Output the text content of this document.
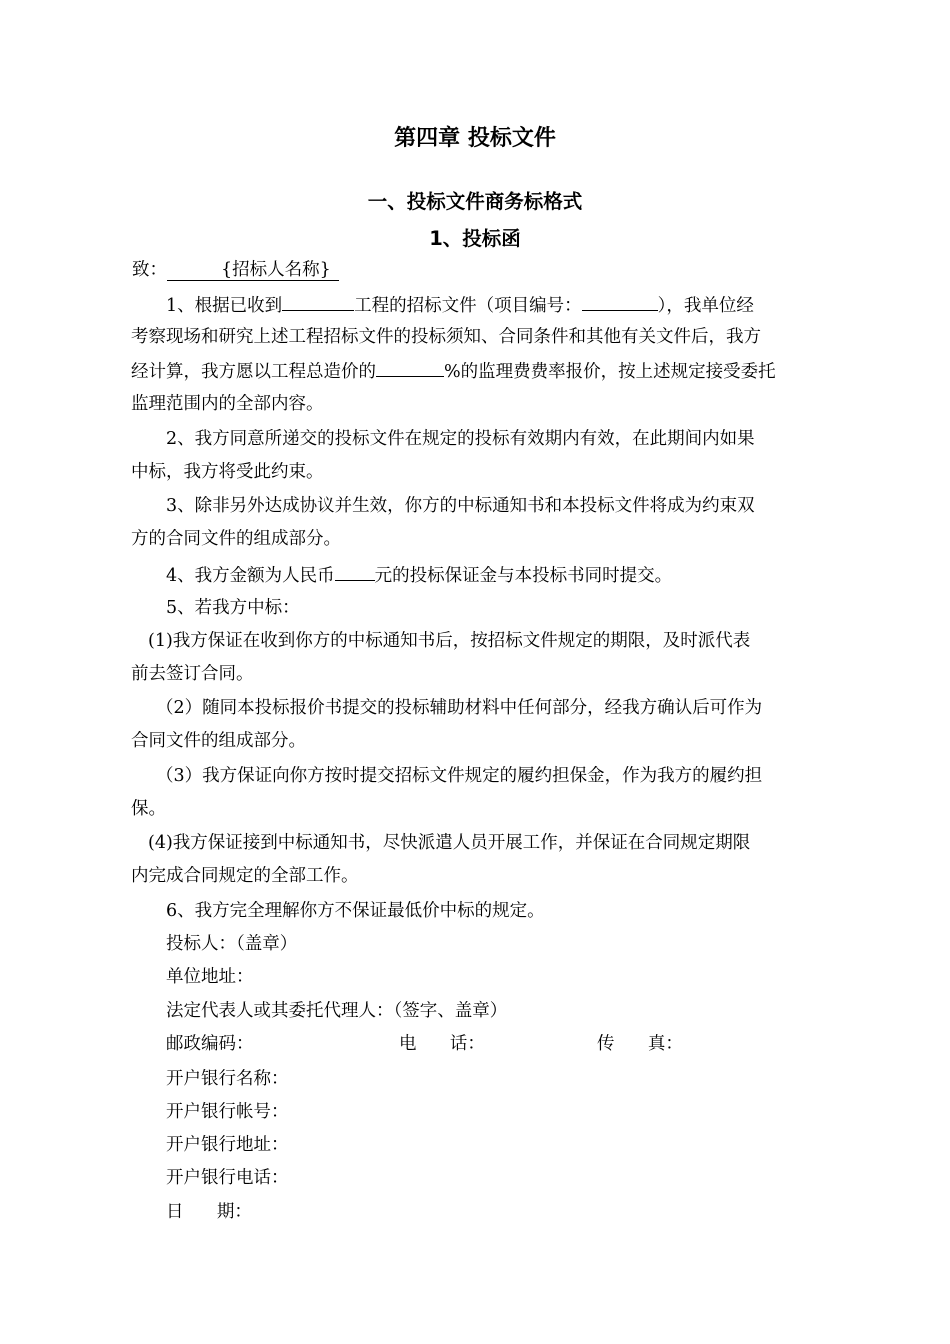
第四章 投标文件
一、投标文件商务标格式
1、投标函
致：	{招标人名称}
1、根据已收到	工程的招标文件（项目编号：	），我单位经
考察现场和研究上述工程招标文件的投标须知、合同条件和其他有关文件后，我方
经计算，我方愿以工程总造价的	%的监理费费率报价，按上述规定接受委托
监理范围内的全部内容。
2、我方同意所递交的投标文件在规定的投标有效期内有效，在此期间内如果
中标，我方将受此约束。
3、除非另外达成协议并生效，你方的中标通知书和本投标文件将成为约束双
方的合同文件的组成部分。
4、我方金额为人民币 元的投标保证金与本投标书同时提交。
5、若我方中标：
(1)我方保证在收到你方的中标通知书后，按招标文件规定的期限，及时派代表
前去签订合同。
（2）随同本投标报价书提交的投标辅助材料中任何部分，经我方确认后可作为
合同文件的组成部分。
（3）我方保证向你方按时提交招标文件规定的履约担保金，作为我方的履约担
保。
(4)我方保证接到中标通知书，尽快派遣人员开展工作，并保证在合同规定期限
内完成合同规定的全部工作。
6、我方完全理解你方不保证最低价中标的规定。
投标人：（盖章）
单位地址：
法定代表人或其委托代理人：（签字、盖章）
邮政编码：	电      话：	传      真：
开户银行名称：
开户银行帐号：
开户银行地址：
开户银行电话：
日      期：
